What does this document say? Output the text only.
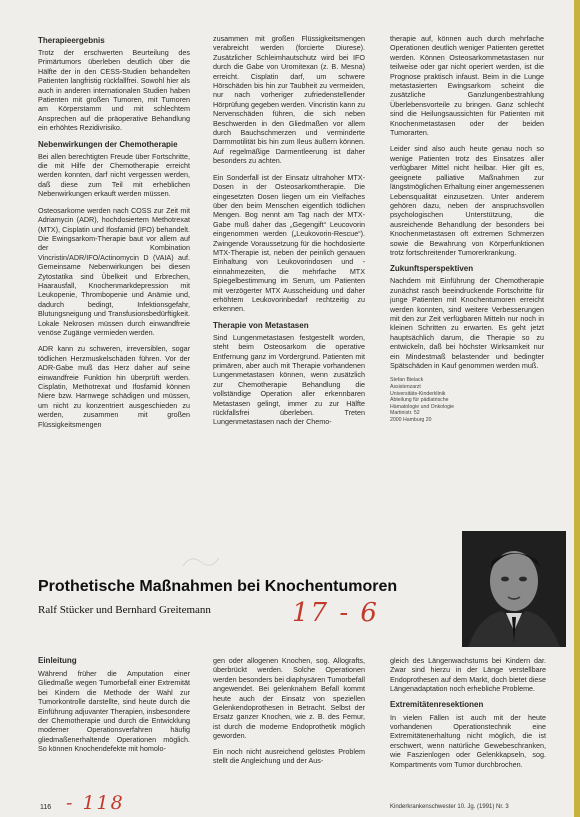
Therapieergebnis

Trotz der erschwerten Beurteilung des Primärtumors überleben deutlich über die Hälfte der in den CESS-Studien behandelten Patienten langfristig rückfallfrei. Sowohl hier als auch in anderen internationalen Studien haben Patienten mit großen Tumoren, mit Tumoren am Körperstamm und mit schlechtem Ansprechen auf die präoperative Behandlung ein erhöhtes Rezidivrisiko.

Nebenwirkungen der Chemotherapie

Bei allen berechtigten Freude über Fortschritte, die mit Hilfe der Chemotherapie erreicht werden konnten, darf nicht vergessen werden, daß diese zum Teil mit erheblichen Nebenwirkungen erkauft werden müssen.

Osteosarkome werden nach COSS zur Zeit mit Adriamycin (ADR), hochdosiertem Methotrexat (MTX), Cisplatin und Ifosfamid (IFO) behandelt. Die Ewingsarkom-Therapie baut vor allem auf der Kombination Vincristin/ADR/IFO/Actinomycin D (VAIA) auf. Gemeinsame Nebenwirkungen bei diesen Zytostatika sind Übelkeit und Erbrechen, Haarausfall, Knochenmarkdepression mit Leukopenie, Thrombopenie und Anämie und, dadurch bedingt, Infektionsgefahr, Blutungsneigung und Transfusionsbedürftigkeit. Lokale Nekrosen müssen durch einwandfreie venöse Zugänge vermieden werden.

ADR kann zu schweren, irreversiblen, sogar tödlichen Herzmuskelschäden führen. Vor der ADR-Gabe muß das Herz daher auf seine einwandfreie Funktion hin überprüft werden. Cisplatin, Methotrexat und Ifosfamid können Niere bzw. Harnwege schädigen und müssen, um nicht zu konzentriert ausgeschieden zu werden, zusammen mit großen Flüssigkeitsmengen

zusammen mit großen Flüssigkeitsmengen verabreicht werden (forcierte Diurese). Zusätzlicher Schleimhautschutz wird bei IFO durch die Gabe von Uromitexan (z. B. Mesna) erreicht. Cisplatin darf, um schwere Hörschäden bis hin zur Taubheit zu vermeiden, nur nach vorheriger zufriedenstellender Hörprüfung gegeben werden. Vincristin kann zu Nervenschäden führen, die sich neben Beschwerden in den Gliedmaßen vor allem durch Bauchschmerzen und verminderte Darmmotilität bis hin zum Ileus äußern können. Auf regelmäßige Darmentleerung ist daher besonders zu achten.

Ein Sonderfall ist der Einsatz ultrahoher MTX-Dosen in der Osteosarkomtherapie. Die eingesetzten Dosen liegen um ein Vielfaches über den beim Menschen eigentlich tödlichen Mengen. Bog nennt am Tag nach der MTX-Gabe muß daher das „Gegengift“ Leucovorin eingenommen werden („Leukovorin-Rescue“). Zwingende Voraussetzung für die hochdosierte MTX-Therapie ist, neben der peinlich genauen Einhaltung von Leukovorindosen und -einnahmezeiten, die mehrfache MTX Spiegelbestimmung im Serum, um Patienten mit verzögerter MTX Ausscheidung und daher erhöhtem Leukovorinbedarf rechtzeitig zu erkennen.

Therapie von Metastasen

Sind Lungenmetastasen festgestellt worden, steht beim Osteosarkom die operative Entfernung ganz im Vordergrund. Patienten mit primären, aber auch mit Therapie vorhandenen Lungenmetastasen können, wenn zusätzlich zur Chemotherapie Behandlung die vollständige Operation aller erkennbaren Metastasen gelingt, immer zu zur Hälfte rückfallsfrei überleben. Treten Lungenmetastasen nach der Chemo-

therapie auf, können auch durch mehrfache Operationen deutlich weniger Patienten gerettet werden. Können Osteosarkommetastasen nur teilweise oder gar nicht operiert werden, ist die Prognose praktisch infaust. Beim in die Lunge metastasierten Ewingsarkom scheint die zusätzliche Ganzlungenbestrahlung Überlebensvorteile zu bringen. Ganz schlecht sind die Heilungsaussichten für Patienten mit Knochenmetastasen oder der beiden Tumorarten.

Leider sind also auch heute genau noch so wenige Patienten trotz des Einsatzes aller verfügbarer Mittel nicht heilbar. Hier gilt es, geeignete palliative Maßnahmen zur längstmöglichen Erhaltung einer angemessenen Lebensqualität einzusetzen. Unter anderem gehören dazu, neben der anspruchsvollen psychologischen Unterstützung, die ausreichende Behandlung der besonders bei Knochenmetastasen oft extremen Schmerzen sowie die Bewahrung von Körperfunktionen trotz fortschreitender Tumorerkrankung.

Zukunftsperspektiven

Nachdem mit Einführung der Chemotherapie zunächst rasch beeindruckende Fortschritte für junge Patienten mit Knochentumoren erreicht werden konnten, sind weitere Verbesserungen mit den zur Zeit verfügbaren Mitteln nur noch in kleinen Schritten zu erwarten. Es geht jetzt hauptsächlich darum, die Therapie so zu entwickeln, daß bei höchster Wirksamkeit nur ein Mindestmaß belastender und bedingter Spätschäden in Kauf genommen werden muß.

Stefan Bielack
Assistenzarzt
Universitäts-Kinderklinik
Abteilung für pädiatrische
Hämatologie und Onkologie
Martinistr. 52
2000 Hamburg 20
Prothetische Maßnahmen bei Knochentumoren
Ralf Stücker und Bernhard Greitemann	17 - 6
Einleitung

Während früher die Amputation einer Gliedmaße wegen Tumorbefall einer Extremität bei Kindern die Methode der Wahl zur Tumorkontrolle darstellte, sind heute durch die Einführung adjuvanter Therapien, insbesondere der Chemotherapie und durch die Entwicklung moderner Operationsverfahren häufig gliedmaßenerhaltende Operationen möglich. So können Knochendefekte mit homolo-

gen oder allogenen Knochen, sog. Allografts, überbrückt werden. Solche Operationen werden besonders bei diaphysären Tumorbefall angewendet. Bei gelenknahem Befall kommt heute auch der Einsatz von speziellen Gelenkendoprothesen in Betracht. Selbst der Ersatz ganzer Knochen, wie z. B. des Femur, ist durch die moderne Endoprothetik möglich geworden.

Ein noch nicht ausreichend gelöstes Problem stellt die Angleichung und der Aus-

gleich des Längenwachstums bei Kindern dar. Zwar sind hierzu in der Länge verstellbare Endoprothesen auf dem Markt, doch bietet diese Längenadaptation noch erhebliche Probleme.

Extremitätenresektionen

In vielen Fällen ist auch mit der heute vorhandenen Operationstechnik eine Extremitätenerhaltung nicht möglich, die ist erschwert, wenn natürliche Gewebeschranken, wie Faszienlogen oder Gelenkkapseln, sog. Kompartments vom Tumor durchbrochen.

116 - 118	Kinderkrankenschwester 10. Jg. (1991) Nr. 3
